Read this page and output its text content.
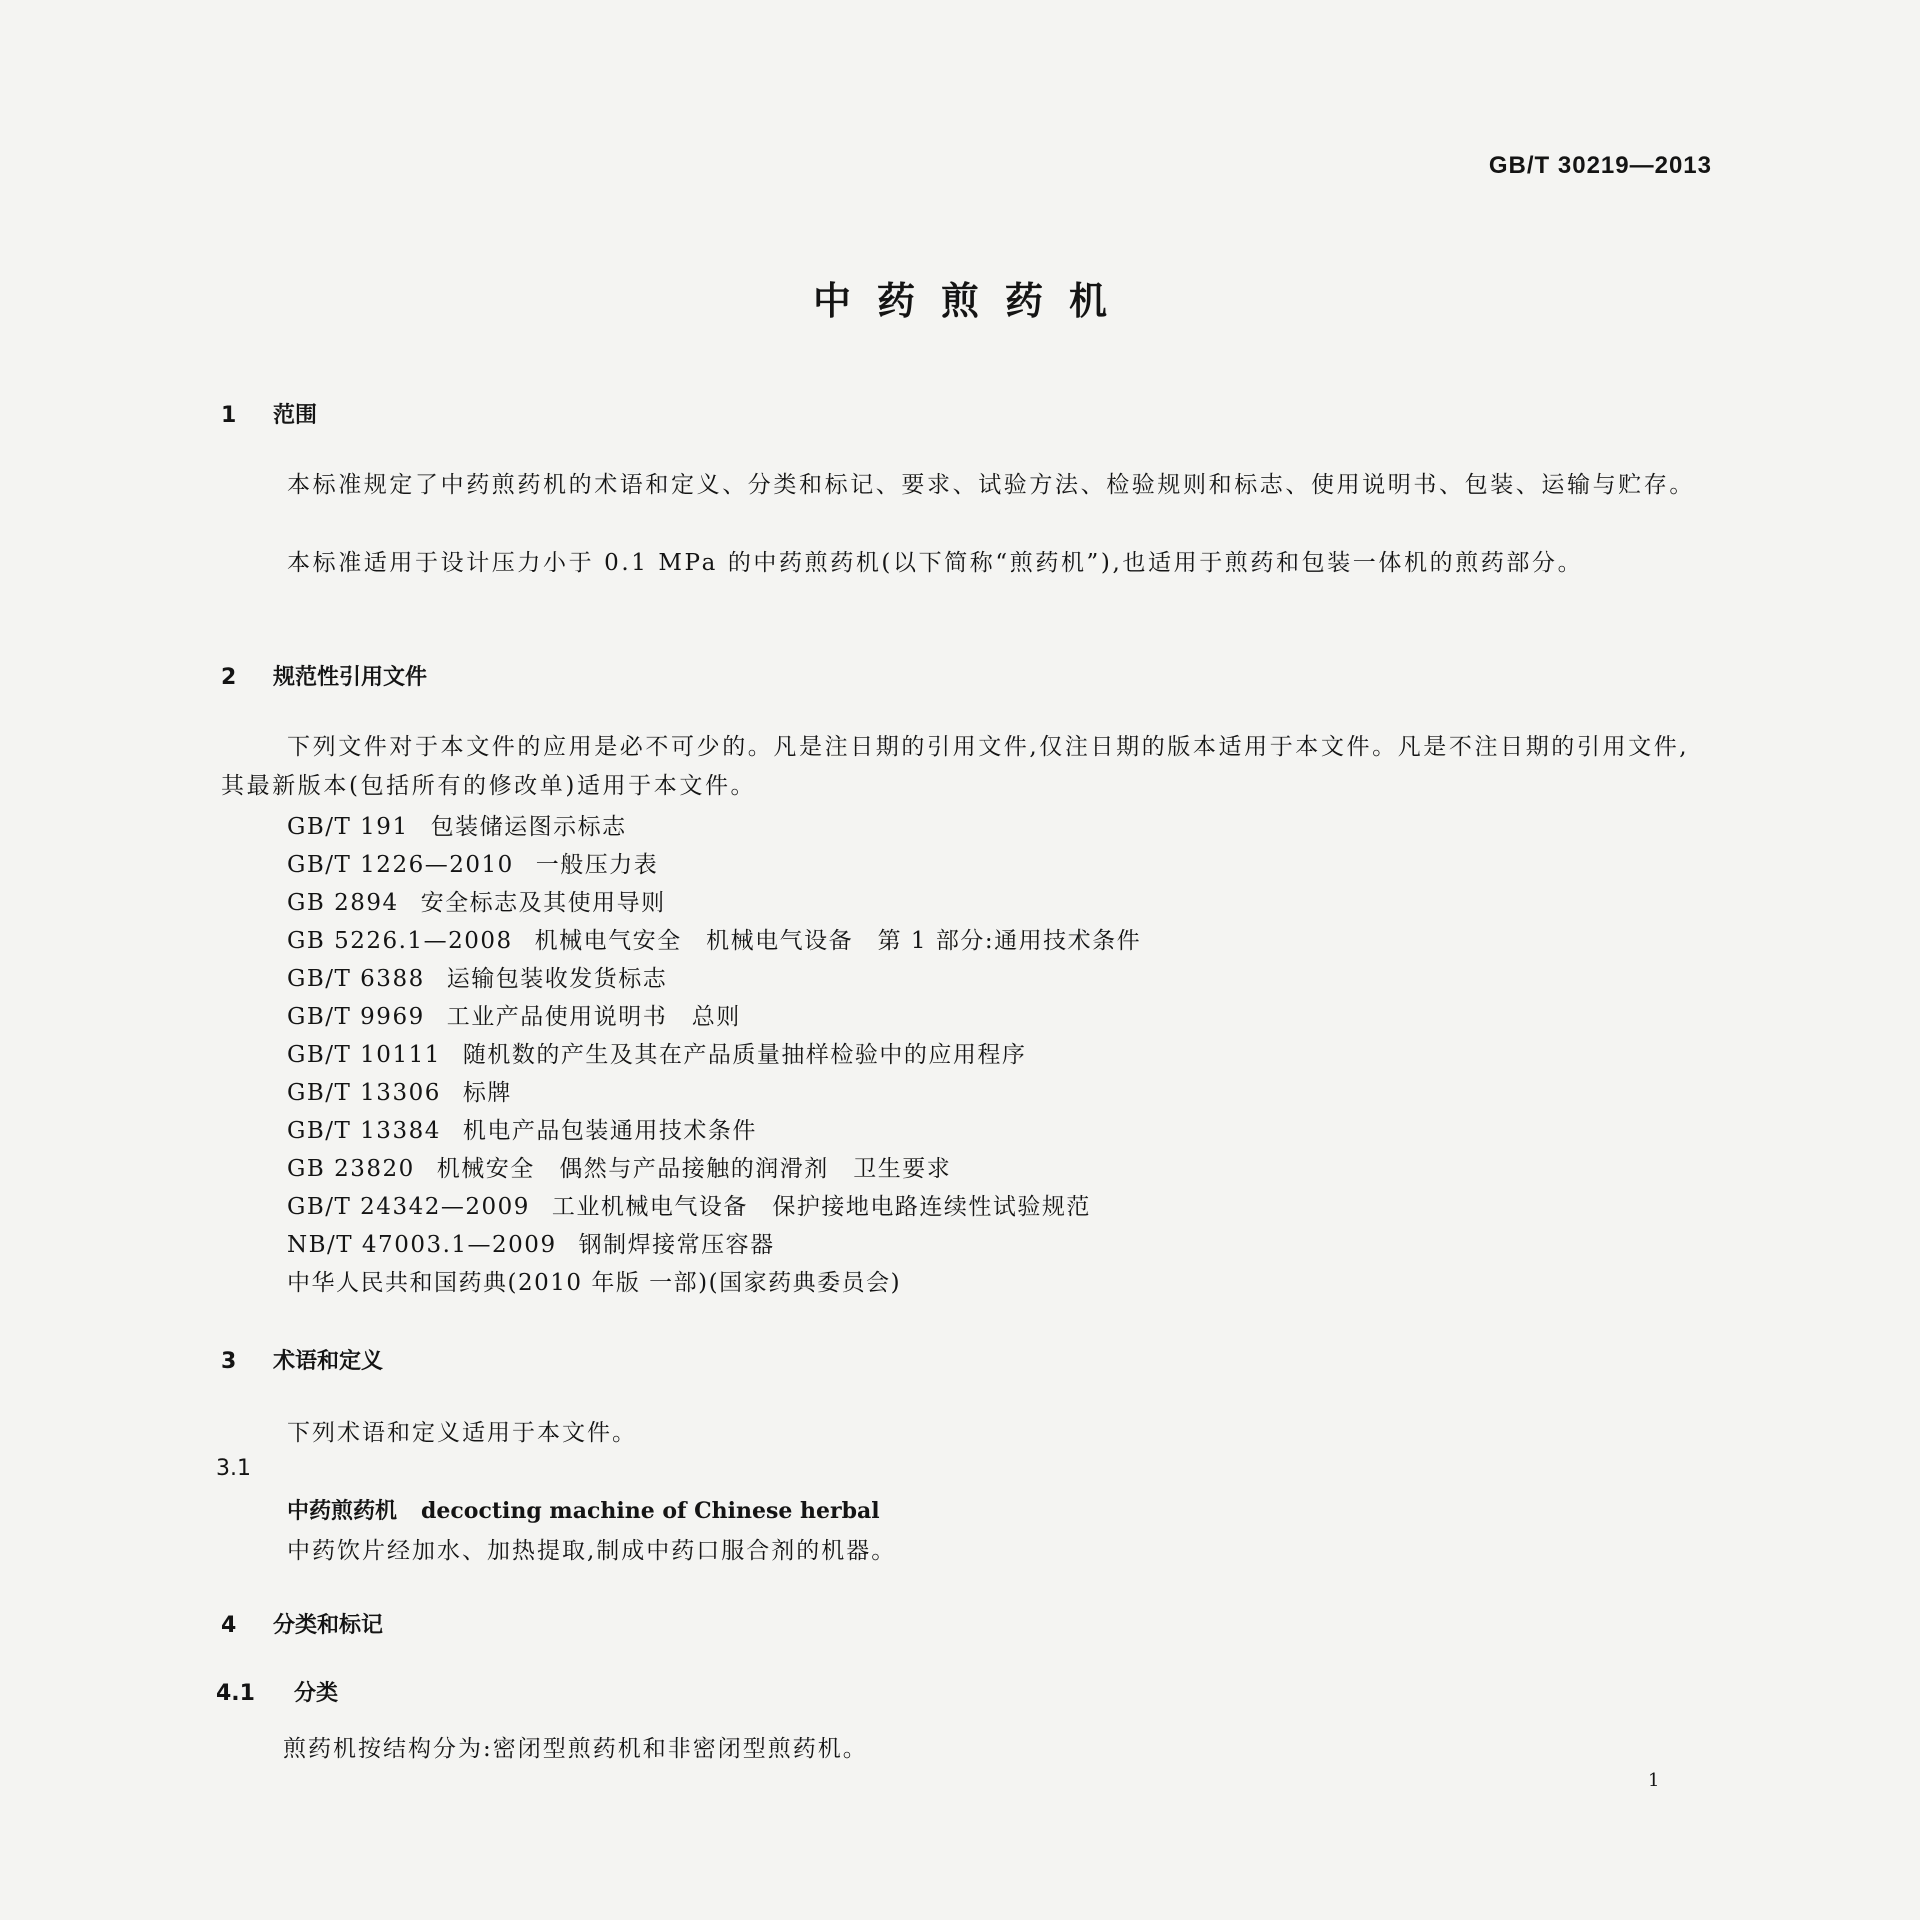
GB/T 30219—2013
中药煎药机
1 范围
本标准规定了中药煎药机的术语和定义、分类和标记、要求、试验方法、检验规则和标志、使用说明书、包装、运输与贮存。
本标准适用于设计压力小于 0.1 MPa 的中药煎药机(以下简称“煎药机”),也适用于煎药和包装一体机的煎药部分。
2 规范性引用文件
下列文件对于本文件的应用是必不可少的。凡是注日期的引用文件,仅注日期的版本适用于本文件。凡是不注日期的引用文件,其最新版本(包括所有的修改单)适用于本文件。
GB/T 191 包装储运图示标志
GB/T 1226—2010 一般压力表
GB 2894 安全标志及其使用导则
GB 5226.1—2008 机械电气安全　机械电气设备　第 1 部分:通用技术条件
GB/T 6388 运输包装收发货标志
GB/T 9969 工业产品使用说明书　总则
GB/T 10111 随机数的产生及其在产品质量抽样检验中的应用程序
GB/T 13306 标牌
GB/T 13384 机电产品包装通用技术条件
GB 23820 机械安全　偶然与产品接触的润滑剂　卫生要求
GB/T 24342—2009 工业机械电气设备　保护接地电路连续性试验规范
NB/T 47003.1—2009 钢制焊接常压容器
中华人民共和国药典(2010 年版 一部)(国家药典委员会)
3 术语和定义
下列术语和定义适用于本文件。
3.1
中药煎药机 decocting machine of Chinese herbal
中药饮片经加水、加热提取,制成中药口服合剂的机器。
4 分类和标记
4.1 分类
煎药机按结构分为:密闭型煎药机和非密闭型煎药机。
1
